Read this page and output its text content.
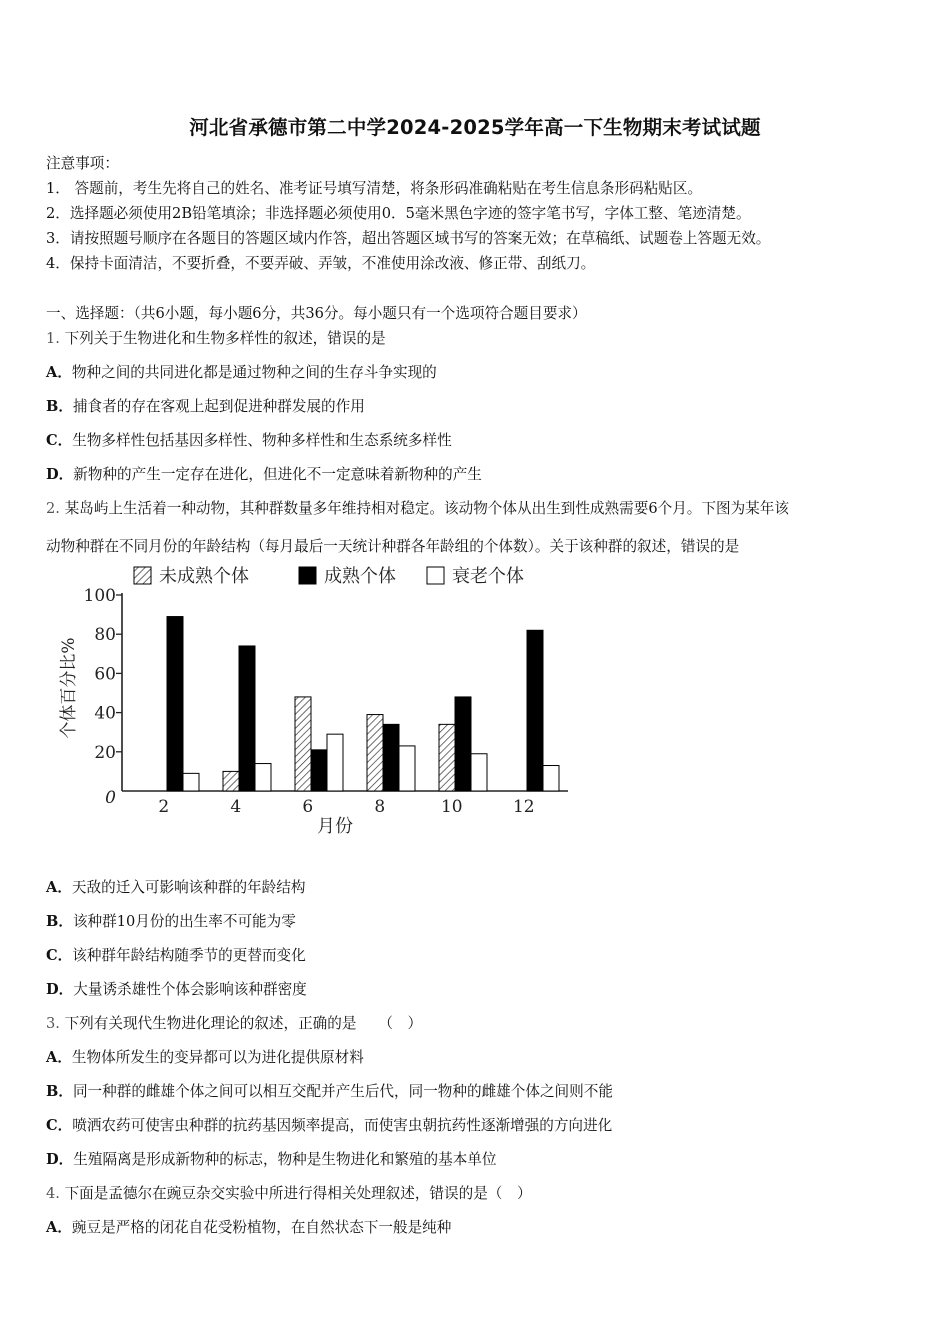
河北省承德市第二中学2024-2025学年高一下生物期末考试试题
注意事项：
1． 答题前，考生先将自己的姓名、准考证号填写清楚，将条形码准确粘贴在考生信息条形码粘贴区。
2．选择题必须使用2B铅笔填涂；非选择题必须使用0．5毫米黑色字迹的签字笔书写，字体工整、笔迹清楚。
3．请按照题号顺序在各题目的答题区域内作答，超出答题区域书写的答案无效；在草稿纸、试题卷上答题无效。
4．保持卡面清洁，不要折叠，不要弄破、弄皱，不准使用涂改液、修正带、刮纸刀。
一、选择题：（共6小题，每小题6分，共36分。每小题只有一个选项符合题目要求）
1. 下列关于生物进化和生物多样性的叙述，错误的是
A．物种之间的共同进化都是通过物种之间的生存斗争实现的
B．捕食者的存在客观上起到促进种群发展的作用
C．生物多样性包括基因多样性、物种多样性和生态系统多样性
D．新物种的产生一定存在进化，但进化不一定意味着新物种的产生
2. 某岛屿上生活着一种动物，其种群数量多年维持相对稳定。该动物个体从出生到性成熟需要6个月。下图为某年该
动物种群在不同月份的年龄结构（每月最后一天统计种群各年龄组的个体数）。关于该种群的叙述，错误的是
未成熟个体	成熟个体	衰老个体
100
80
60
40
20
0
个体百分比%
月份
2	4	6	8	10	12
A．天敌的迁入可影响该种群的年龄结构
B．该种群10月份的出生率不可能为零
C．该种群年龄结构随季节的更替而变化
D．大量诱杀雄性个体会影响该种群密度
3. 下列有关现代生物进化理论的叙述，正确的是　　（　）
A．生物体所发生的变异都可以为进化提供原材料
B．同一种群的雌雄个体之间可以相互交配并产生后代，同一物种的雌雄个体之间则不能
C．喷洒农药可使害虫种群的抗药基因频率提高，而使害虫朝抗药性逐渐增强的方向进化
D．生殖隔离是形成新物种的标志，物种是生物进化和繁殖的基本单位
4. 下面是孟德尔在豌豆杂交实验中所进行得相关处理叙述，错误的是（　）
A．豌豆是严格的闭花自花受粉植物，在自然状态下一般是纯种
